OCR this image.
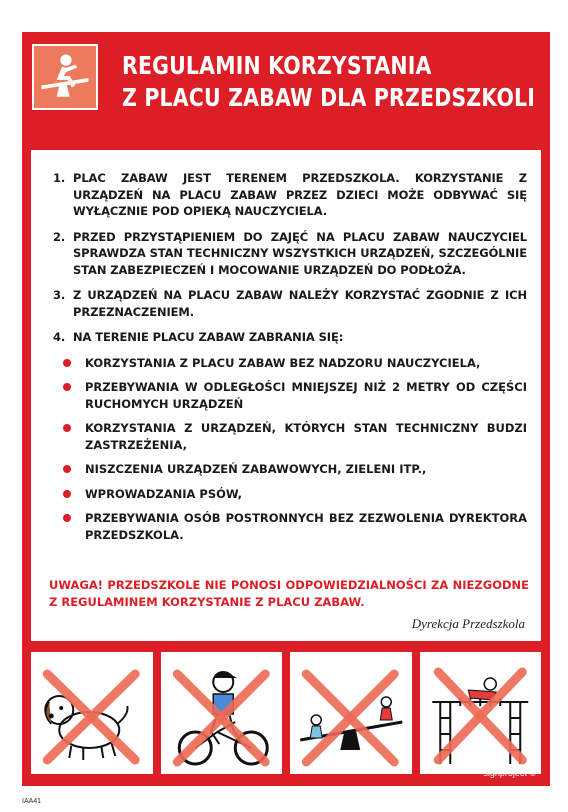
REGULAMIN KORZYSTANIA
Z PLACU ZABAW DLA PRZEDSZKOLI
1. PLAC ZABAW JEST TERENEM PRZEDSZKOLA. KORZYSTANIE Z URZĄDZEŃ NA PLACU ZABAW PRZEZ DZIECI MOŻE ODBYWAĆ SIĘ WYŁĄCZNIE POD OPIEKĄ NAUCZYCIELA.
2. PRZED PRZYSTĄPIENIEM DO ZAJĘĆ NA PLACU ZABAW NAUCZYCIEL SPRAWDZA STAN TECHNICZNY WSZYSTKICH URZĄDZEŃ, SZCZEGÓLNIE STAN ZABEZPIECZEŃ I MOCOWANIE URZĄDZEŃ DO PODŁOŻA.
3. Z URZĄDZEŃ NA PLACU ZABAW NALEŻY KORZYSTAĆ ZGODNIE Z ICH PRZEZNACZENIEM.
4. NA TERENIE PLACU ZABAW ZABRANIA SIĘ:
KORZYSTANIA Z PLACU ZABAW BEZ NADZORU NAUCZYCIELA,
PRZEBYWANIA W ODLEGŁOŚCI MNIEJSZEJ NIŻ 2 METRY OD CZĘŚCI RUCHOMYCH URZĄDZEŃ
KORZYSTANIA Z URZĄDZEŃ, KTÓRYCH STAN TECHNICZNY BUDZI ZASTRZEŻENIA,
NISZCZENIA URZĄDZEŃ ZABAWOWYCH, ZIELENI ITP.,
WPROWADZANIA PSÓW,
PRZEBYWANIA OSÓB POSTRONNYCH BEZ ZEZWOLENIA DYREKTORA PRZEDSZKOLA.
UWAGA! PRZEDSZKOLE NIE PONOSI ODPOWIEDZIALNOŚCI ZA NIEZGODNE Z REGULAMINEM KORZYSTANIE Z PLACU ZABAW.
Dyrekcja Przedszkola
signproject ©
IAA41
